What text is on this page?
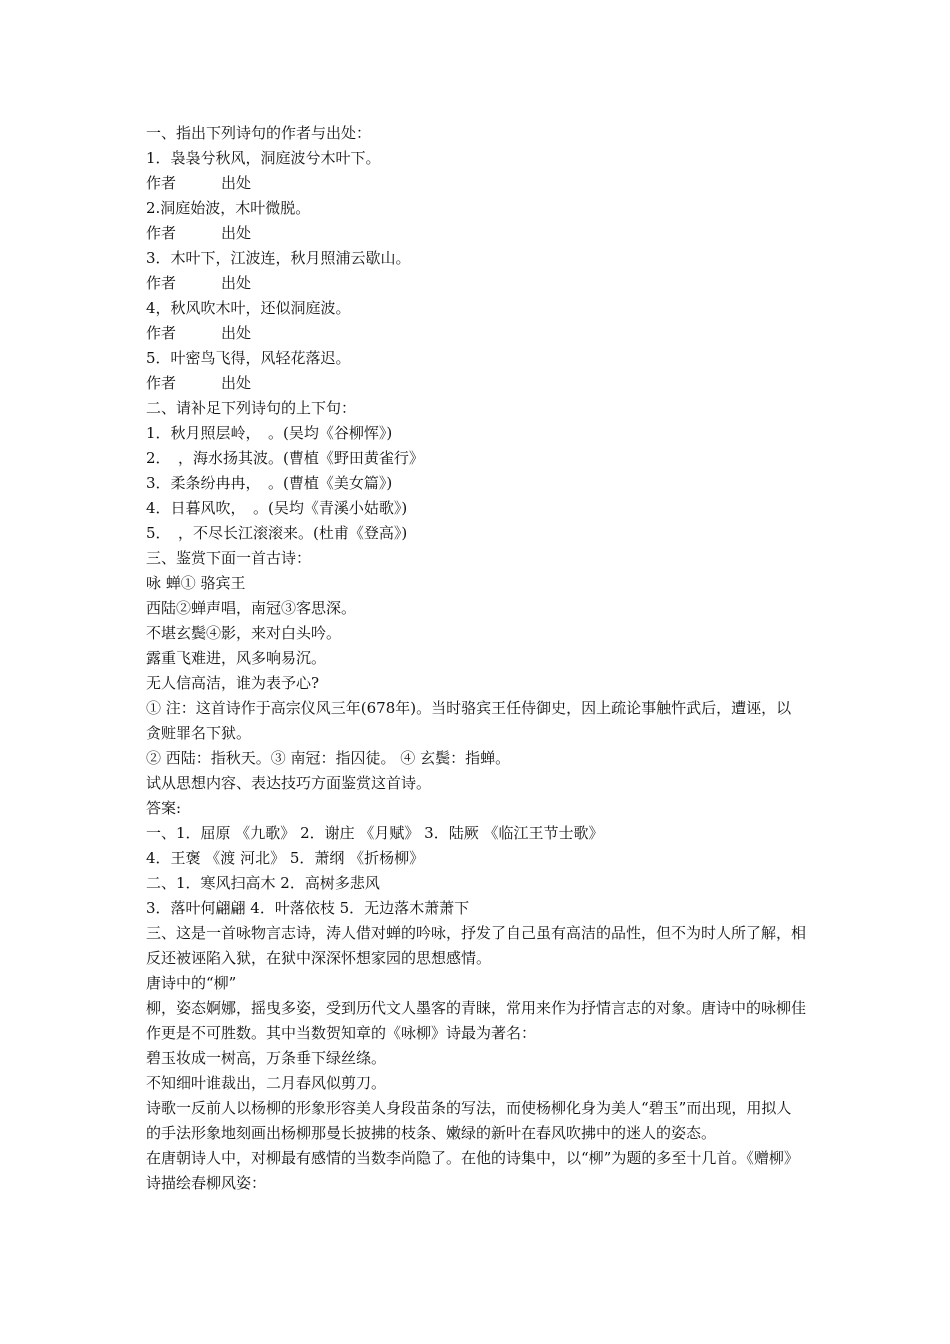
一、指出下列诗句的作者与出处：
1．袅袅兮秋风，洞庭波兮木叶下。
作者　　　出处
2.洞庭始波，木叶微脱。
作者　　　出处
3．木叶下，江波连，秋月照浦云歇山。
作者　　　出处
4，秋风吹木叶，还似洞庭波。
作者　　　出处
5．叶密鸟飞得，风轻花落迟。
作者　　　出处
二、请补足下列诗句的上下句：
1．秋月照层岭，　。(吴均《谷柳恽》)
2．　，海水扬其波。(曹植《野田黄雀行》
3．柔条纷冉冉，　。(曹植《美女篇》)
4．日暮风吹，　。(吴均《青溪小姑歌》)
5．　，不尽长江滚滚来。(杜甫《登高》)
三、鉴赏下面一首古诗：
咏 蝉① 骆宾王
西陆②蝉声唱，南冠③客思深。
不堪玄鬓④影，来对白头吟。
露重飞难进，风多响易沉。
无人信高洁，谁为表予心?
① 注：这首诗作于高宗仪风三年(678年)。当时骆宾王任侍御史，因上疏论事触忤武后，遭诬，以贪赃罪名下狱。
② 西陆：指秋天。③ 南冠：指囚徒。 ④ 玄鬓：指蝉。
试从思想内容、表达技巧方面鉴赏这首诗。
答案:
一、1．屈原 《九歌》 2．谢庄 《月赋》 3．陆厥 《临江王节士歌》
4．王褒 《渡 河北》 5．萧纲 《折杨柳》
二、1．寒风扫高木 2．高树多悲风
3．落叶何翩翩 4．叶落依枝 5．无边落木萧萧下
三、这是一首咏物言志诗，涛人借对蝉的吟咏，抒发了自己虽有高洁的品性，但不为时人所了解，相反还被诬陷入狱，在狱中深深怀想家园的思想感情。
唐诗中的“柳”
柳，姿态婀娜，摇曳多姿，受到历代文人墨客的青睐，常用来作为抒情言志的对象。唐诗中的咏柳佳作更是不可胜数。其中当数贺知章的《咏柳》诗最为著名：
碧玉妆成一树高，万条垂下绿丝绦。
不知细叶谁裁出，二月春风似剪刀。
诗歌一反前人以杨柳的形象形容美人身段苗条的写法，而使杨柳化身为美人“碧玉”而出现，用拟人的手法形象地刻画出杨柳那曼长披拂的枝条、嫩绿的新叶在春风吹拂中的迷人的姿态。
在唐朝诗人中，对柳最有感情的当数李尚隐了。在他的诗集中，以“柳”为题的多至十几首。《赠柳》诗描绘春柳风姿：
